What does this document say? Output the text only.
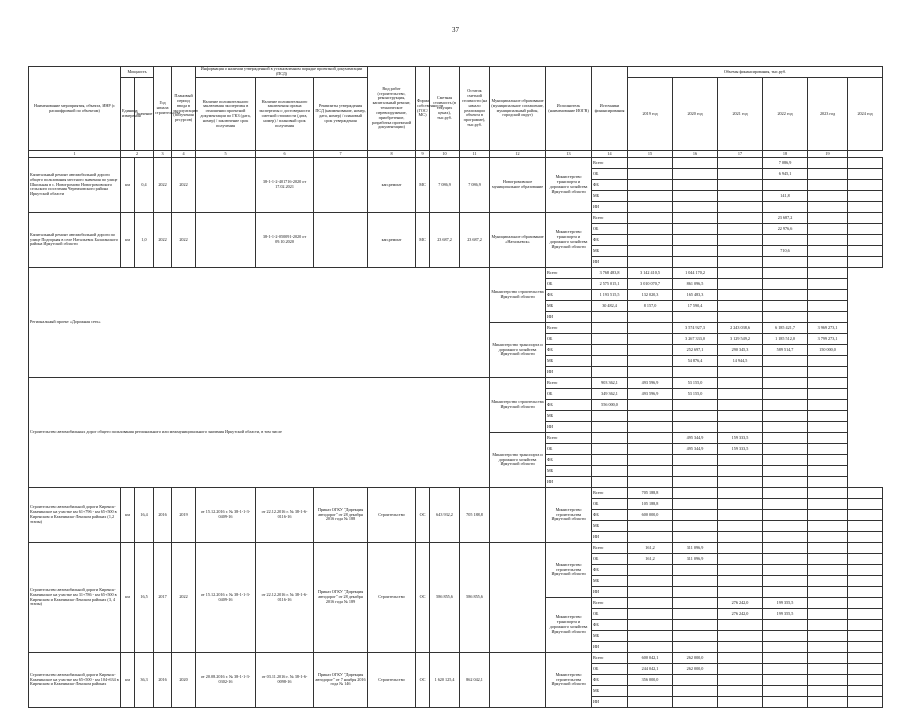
37
Наименование мероприятия, объекта, ИНР (с расшифровкой по объектам)	Мощность		Год начала строительства	Плановый период ввода в эксплуатацию (получения ресурсов)	Информация о наличии утвержденной в установленном порядке проектной документации (ПСД)			Вид работ (строительство, реконструкция, капитальный ремонт, техническое перевооружение, приобретение, разработка проектной документации)	Форма собственности (ГОС/МС)	Сметная стоимость (в текущих ценах), тыс.руб.	Остаток сметной стоимости (на начало реализации объекта в программе), тыс.руб.	Муниципальное образование (муниципальное соглашение, муниципальный район, городской округ)	Исполнитель (наименование ИОГВ)	Источники финансирования	Объемы финансирования, тыс.руб.					

	Единица измерения	Значение			Наличие положительного заключения экспертизы в отношении проектной документации по ГКЗ (дата, номер) / заключение срок получения	Наличие положительного заключения органа экспертизы о достоверности сметной стоимости (дата, номер) / плановый срок получения	Реквизиты утверждения ПСД (наименование, номер, дата, номер) / плановый срок утверждения								2019 год	2020 год	2021 год	2022 год	2023 год	2024 год
1	2		3	4	5	6	7	8	9	10	11	12	13	14	15	16	17	18	19	
Капитальный ремонт автомобильной дороги общего пользования местного значения по улице Школьная в с. Новогромово Новогромовского сельского поселения Черемховского района Иркутской области	км	0,4	2022	2022		38-1-1-2-401716-2020 от 17.02.2021		кап.ремонт	МС	7 086,9	7 086,9	Новогромовское муниципальное образование	Министерство транспорта и дорожного хозяйства Иркутской области	Всего				7 086,9		
														ОБ				6 945,1		
														ФБ						
														МБ				141,8		
														ИИ						
Капитальный ремонт автомобильной дороги по улице Подгорная в селе Натальевск Балаганского района Иркутской области	км	1,0	2022	2022		38-1-1-2-050091-2020 от 09.10.2020		кап.ремонт	МС	23 687,2	23 687,2	Муниципальное образование «Натальевск»	Министерство транспорта и дорожного хозяйства Иркутской области	Всего				23 687,2		
														ОБ				22 976,6		
														ФБ						
														МБ				710,6		
														ИИ						
Региональный проект «Дорожная сеть»												Министерство строительства Иркутской области	Всего	3 768 483,8	3 142 410,5	1 044 170,2				
													ОБ	2 575 015,1	3 010 070,7	861 096,5				
													ФБ	1 193 515,5	132 020,3	165 483,3				
													МБ	30 482,4	8 157,0	17 590,4				
													ИИ							
												Министерство транспорта и дорожного хозяйства Иркутской области	Всего			3 574 927,3	2 243 038,6	6 185 421,7	3 969 273,1	
													ОБ			3 267 333,0	3 129 549,2	1 185 512,0	3 799 273,1	
													ФБ			252 697,1	290 345,3	589 514,7	150 000,0	
													МБ			54 876,4	14 944,5			
													ИИ							
Строительство автомобильных дорог общего пользования регионального или межмуниципального значения Иркутской области, в том числе												Министерство строительства Иркутской области	Всего	903 362,1	493 596,9	53 155,0				
													ОБ	349 362,1	493 596,9	53 155,0				
													ФБ	556 000,0						
													МБ							
													ИИ							
												Министерство транспорта и дорожного хозяйства Иркутской области	Всего			495 344,9	159 333,5			
													ОБ			495 344,9	159 333,5			
													ФБ							
													МБ							
													ИИ							
Строительство автомобильной дороги Киренск-Казачинское на участке км 61+796 - км 65+500 в Киренском и Казачинско-Ленском районах (1,2 этапы)	км	16,4	2016	2019	от 15.12.2016 г. № 38-1-1-3-0409-16	от 22.12.2016 г. № 38-1-6-0116-16	Приказ ОГКУ "Дирекция автодорог" от 28 декабря 2016 года № 188	Строительство	ОС	643 932,2	705 188,8		Министерство строительства Иркутской области	Всего	705 188,8					
														ОБ	105 188,8					
														ФБ	600 000,0					
														МБ						
														ИИ						
Строительство автомобильной дороги Киренск-Казачинское на участке км 31+786 - км 65+500 в Киренском и Казачинско-Ленском районах (3, 4 этапы)	км	16,5	2017	2022	от 15.12.2016 г. № 38-1-1-3-0409-16	от 22.12.2016 г. № 38-1-6-0116-16	Приказ ОГКУ "Дирекция автодорог" от 28 декабря 2016 года № 189	Строительство	ОС	586 855,6	586 855,6		Министерство строительства Иркутской области	Всего	161,2	311 096,9				
														ОБ	161,2	311 096,9				
														ФБ						
														МБ						
														ИИ						
													Министерство транспорта и дорожного хозяйства Иркутской области	Всего			276 242,0	199 355,5		
														ОБ			276 242,0	199 355,5		
														ФБ						
														МБ						
														ИИ						
Строительство автомобильной дороги Киренск-Казачинское на участке км 65+500 - км 104+634 в Киренском и Казачинско-Ленском районах	км	36,3	2016	2020	от 20.08.2016 г. № 38-1-1-3-0302-16	от 03.11.2016 г. № 38-1-6-0098-16	Приказ ОГКУ "Дирекция автодорог" от 7 ноября 2016 года № 146	Строительство	ОС	1 620 125,4	862 042,1		Министерство строительства Иркутской области	Всего	600 042,1	262 000,0				
														ОБ	244 042,1	262 000,0				
														ФБ	356 000,0					
														МБ						
														ИИ						
